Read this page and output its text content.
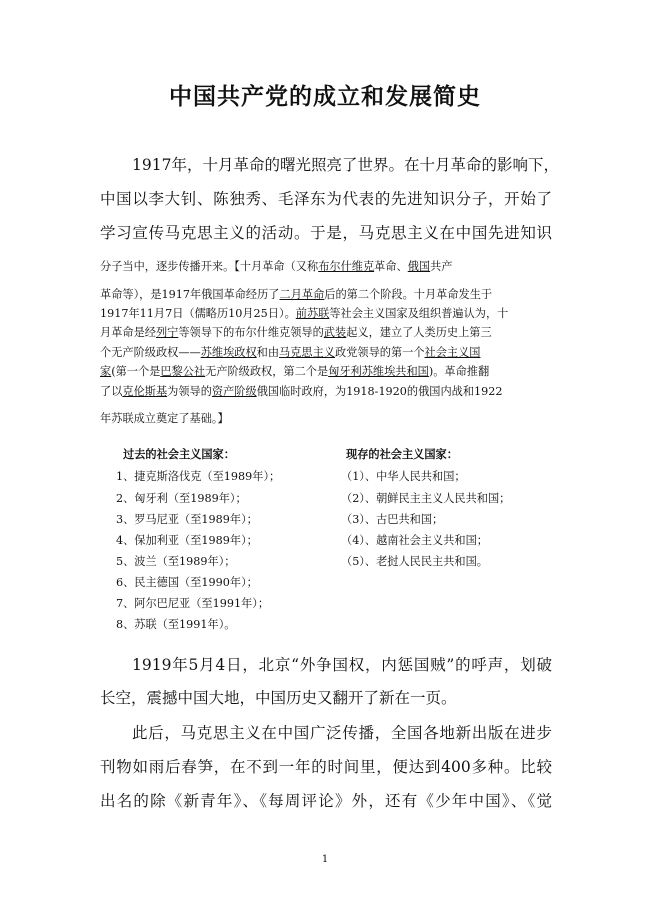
中国共产党的成立和发展简史
1917年，十月革命的曙光照亮了世界。在十月革命的影响下，
中国以李大钊、陈独秀、毛泽东为代表的先进知识分子，开始了
学习宣传马克思主义的活动。于是，马克思主义在中国先进知识
分子当中，逐步传播开来。【十月革命（又称布尔什维克革命、俄国共产
革命等），是1917年俄国革命经历了二月革命后的第二个阶段。十月革命发生于
1917年11月7日（儒略历10月25日）。前苏联等社会主义国家及组织普遍认为，十
月革命是经列宁等领导下的布尔什维克领导的武装起义，建立了人类历史上第三
个无产阶级政权——苏维埃政权和由马克思主义政党领导的第一个社会主义国
家(第一个是巴黎公社无产阶级政权，第二个是匈牙利苏维埃共和国)。革命推翻
了以克伦斯基为领导的资产阶级俄国临时政府，为1918-1920的俄国内战和1922
年苏联成立奠定了基础。】
过去的社会主义国家：	现存的社会主义国家：
1、捷克斯洛伐克（至1989年）；
2、匈牙利（至1989年）；
3、罗马尼亚（至1989年）；
4、保加利亚（至1989年）；
5、波兰（至1989年）；
6、民主德国（至1990年）；
7、阿尔巴尼亚（至1991年）；
8、苏联（至1991年）。
（1）、中华人民共和国；
（2）、朝鲜民主主义人民共和国；
（3）、古巴共和国；
（4）、越南社会主义共和国；
（5）、老挝人民民主共和国。
1919年5月4日，北京“外争国权，内惩国贼”的呼声，划破
长空，震撼中国大地，中国历史又翻开了新在一页。
此后，马克思主义在中国广泛传播，全国各地新出版在进步
刊物如雨后春笋，在不到一年的时间里，便达到400多种。比较
出名的除《新青年》、《每周评论》外，还有《少年中国》、《觉
1
